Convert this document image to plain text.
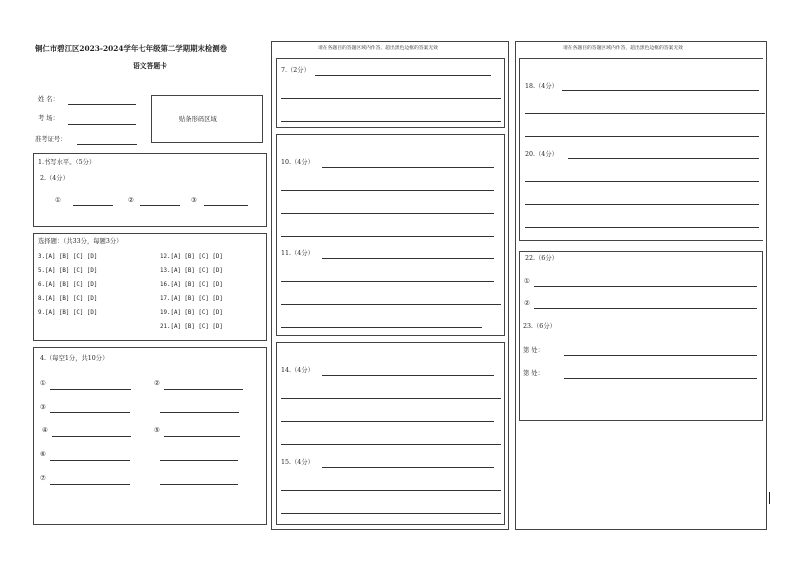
铜仁市碧江区2023-2024学年七年级第二学期期末检测卷
语文答题卡
姓 名：
考 场：
准考证号：
贴条形码区域
1.书写水平。（5分）
2.（4分）
①	②	③
选择题：（共33分，每题3分）
3.[A] [B] [C] [D]
5.[A] [B] [C] [D]
6.[A] [B] [C] [D]
8.[A] [B] [C] [D]
9.[A] [B] [C] [D]
12.[A] [B] [C] [D]
13.[A] [B] [C] [D]
16.[A] [B] [C] [D]
17.[A] [B] [C] [D]
19.[A] [B] [C] [D]
21.[A] [B] [C] [D]
4.（每空1分，共10分）
①	②
③
④	⑤
⑥
⑦
请在各题目的答题区域内作答，超出黑色边框的答案无效
7.（2分）
10.（4分）
11.（4分）
14.（4分）
15.（4分）
请在各题目的答题区域内作答，超出黑色边框的答案无效
18.（4分）
20.（4分）
22.（6分）
①
②
23.（6分）
第 处：
第 处：
